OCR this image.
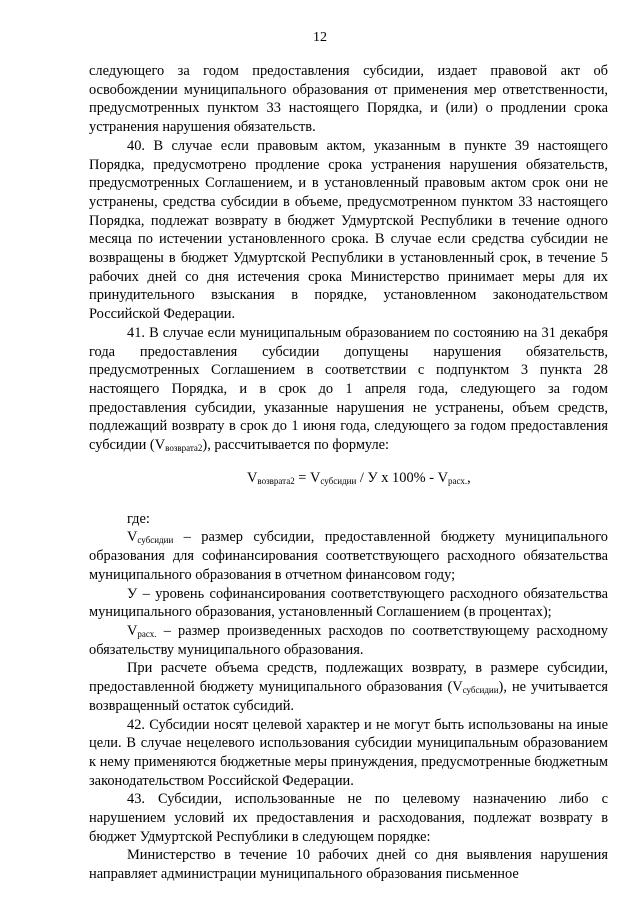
12

следующего за годом предоставления субсидии, издает правовой акт об освобождении муниципального образования от применения мер ответственности, предусмотренных пунктом 33 настоящего Порядка, и (или) о продлении срока устранения нарушения обязательств.

40. В случае если правовым актом, указанным в пункте 39 настоящего Порядка, предусмотрено продление срока устранения нарушения обязательств, предусмотренных Соглашением, и в установленный правовым актом срок они не устранены, средства субсидии в объеме, предусмотренном пунктом 33 настоящего Порядка, подлежат возврату в бюджет Удмуртской Республики в течение одного месяца по истечении установленного срока. В случае если средства субсидии не возвращены в бюджет Удмуртской Республики в установленный срок, в течение 5 рабочих дней со дня истечения срока Министерство принимает меры для их принудительного взыскания в порядке, установленном законодательством Российской Федерации.

41. В случае если муниципальным образованием по состоянию на 31 декабря года предоставления субсидии допущены нарушения обязательств, предусмотренных Соглашением в соответствии с подпунктом 3 пункта 28 настоящего Порядка, и в срок до 1 апреля года, следующего за годом предоставления субсидии, указанные нарушения не устранены, объем средств, подлежащий возврату в срок до 1 июня года, следующего за годом предоставления субсидии $(V_{возврата2})$, рассчитывается по формуле:

$V_{возврата2} = V_{субсидии} / У$ х $100\% - V_{расх.}$,

где:

$V_{субсидии}$ – размер субсидии, предоставленной бюджету муниципального образования для софинансирования соответствующего расходного обязательства муниципального образования в отчетном финансовом году;

У – уровень софинансирования соответствующего расходного обязательства муниципального образования, установленный Соглашением (в процентах);

$V_{расх.}$ – размер произведенных расходов по соответствующему расходному обязательству муниципального образования.

При расчете объема средств, подлежащих возврату, в размере субсидии, предоставленной бюджету муниципального образования $(V_{субсидии})$, не учитывается возвращенный остаток субсидий.

42. Субсидии носят целевой характер и не могут быть использованы на иные цели. В случае нецелевого использования субсидии муниципальным образованием к нему применяются бюджетные меры принуждения, предусмотренные бюджетным законодательством Российской Федерации.

43. Субсидии, использованные не по целевому назначению либо с нарушением условий их предоставления и расходования, подлежат возврату в бюджет Удмуртской Республики в следующем порядке:

Министерство в течение 10 рабочих дней со дня выявления нарушения направляет администрации муниципального образования письменное
